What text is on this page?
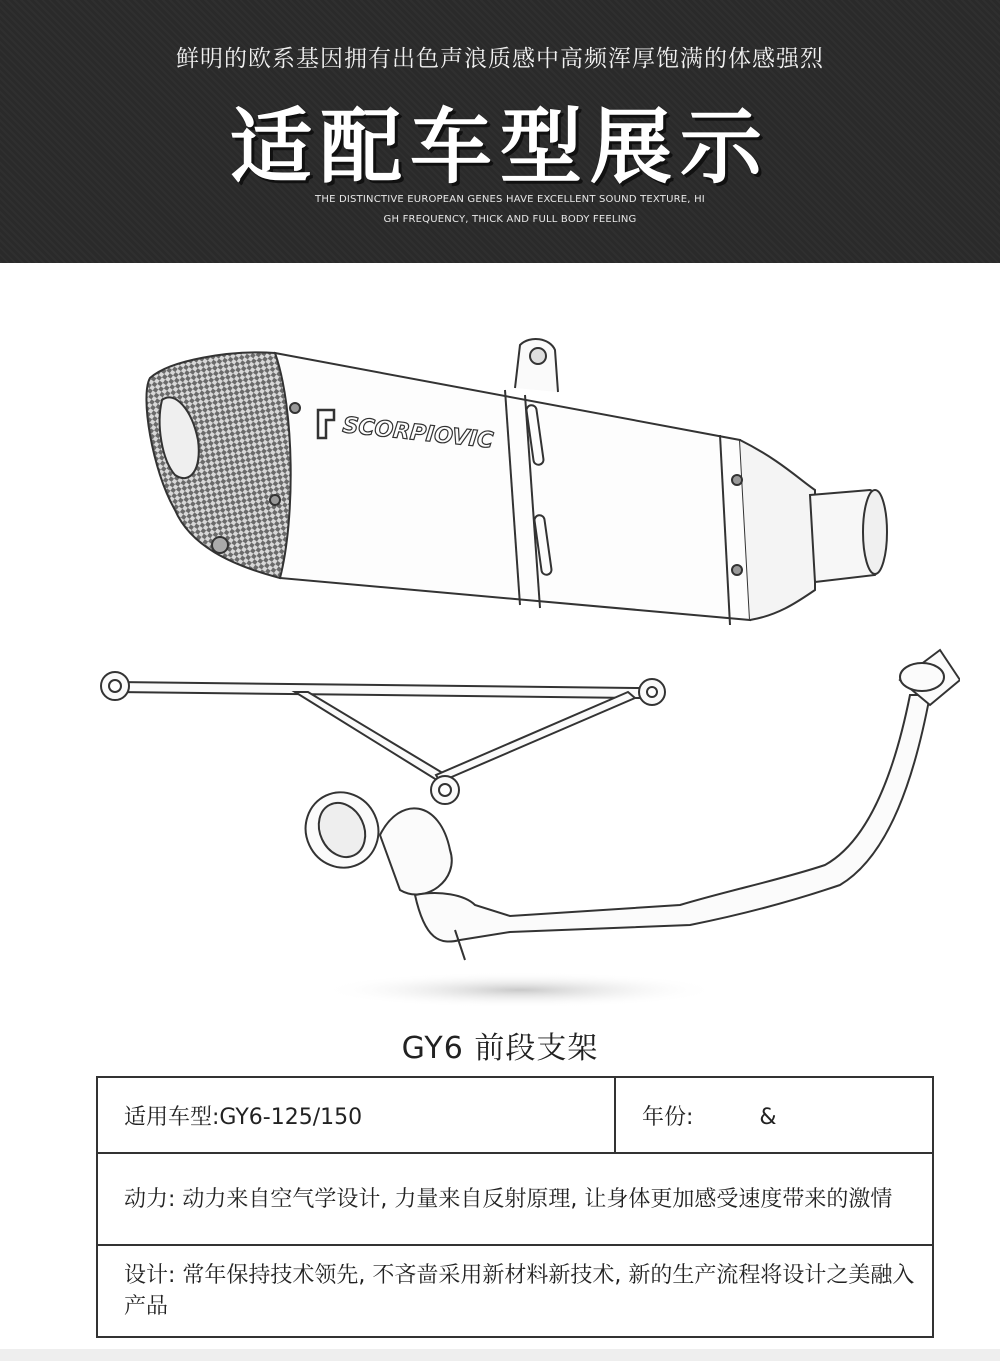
鲜明的欧系基因拥有出色声浪质感中高频浑厚饱满的体感强烈
适配车型展示
THE DISTINCTIVE EUROPEAN GENES HAVE EXCELLENT SOUND TEXTURE, HI
GH FREQUENCY, THICK AND FULL BODY FEELING
SCORPIOVIC
GY6 前段支架
适用车型:GY6-125/150	年份:	&
动力: 动力来自空气学设计, 力量来自反射原理, 让身体更加感受速度带来的激情
设计: 常年保持技术领先, 不吝啬采用新材料新技术, 新的生产流程将设计之美融入产品
